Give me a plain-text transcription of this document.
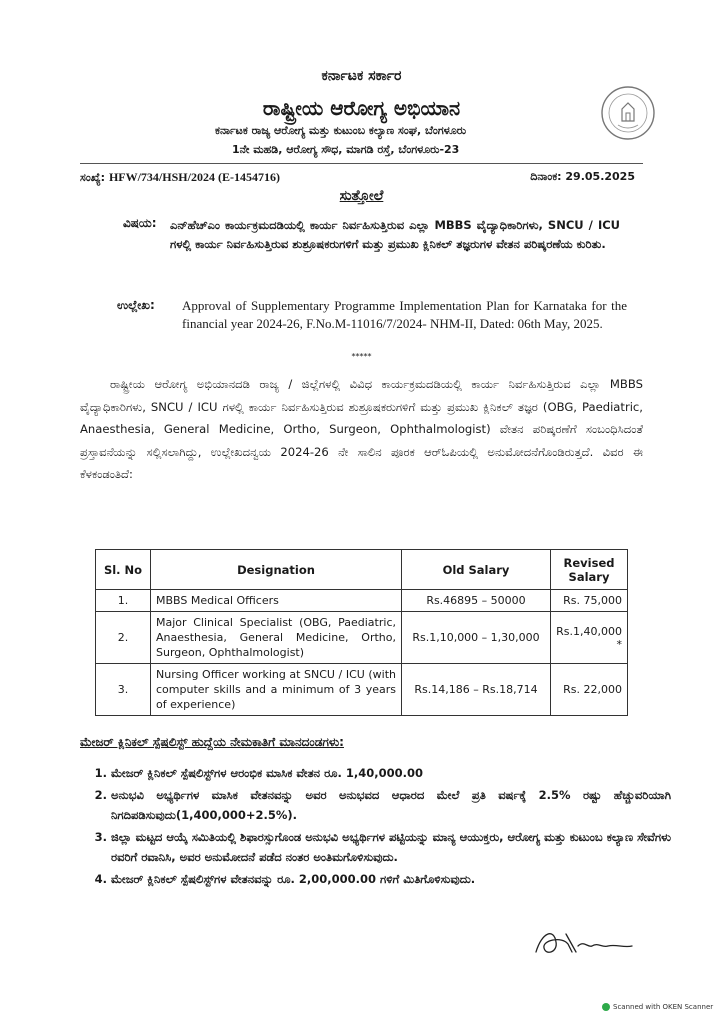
ಕರ್ನಾಟಕ ಸರ್ಕಾರ
ರಾಷ್ಟ್ರೀಯ ಆರೋಗ್ಯ ಅಭಿಯಾನ
ಕರ್ನಾಟಕ ರಾಜ್ಯ ಆರೋಗ್ಯ ಮತ್ತು ಕುಟುಂಬ ಕಲ್ಯಾಣ ಸಂಘ, ಬೆಂಗಳೂರು
1ನೇ ಮಹಡಿ, ಆರೋಗ್ಯ ಸೌಧ, ಮಾಗಡಿ ರಸ್ತೆ, ಬೆಂಗಳೂರು-23
ಸಂಖ್ಯೆ: HFW/734/HSH/2024 (E-1454716)	ದಿನಾಂಕ: 29.05.2025
ಸುತ್ತೋಲೆ
ವಿಷಯ: ಎನ್‌ಹೆಚ್‌ಎಂ ಕಾರ್ಯಕ್ರಮದಡಿಯಲ್ಲಿ ಕಾರ್ಯ ನಿರ್ವಹಿಸುತ್ತಿರುವ ಎಲ್ಲಾ MBBS ವೈದ್ಯಾಧಿಕಾರಿಗಳು, SNCU / ICU ಗಳಲ್ಲಿ ಕಾರ್ಯ ನಿರ್ವಹಿಸುತ್ತಿರುವ ಶುಶ್ರೂಷಕರುಗಳಿಗೆ ಮತ್ತು ಪ್ರಮುಖ ಕ್ಲಿನಿಕಲ್ ತಜ್ಞರುಗಳ ವೇತನ ಪರಿಷ್ಕರಣೆಯ ಕುರಿತು.
ಉಲ್ಲೇಖ: Approval of Supplementary Programme Implementation Plan for Karnataka for the financial year 2024-26, F.No.M-11016/7/2024- NHM-II, Dated: 06th May, 2025.
*****
ರಾಷ್ಟ್ರೀಯ ಆರೋಗ್ಯ ಅಭಿಯಾನದಡಿ ರಾಜ್ಯ / ಜಿಲ್ಲೆಗಳಲ್ಲಿ ವಿವಿಧ ಕಾರ್ಯಕ್ರಮದಡಿಯಲ್ಲಿ ಕಾರ್ಯ ನಿರ್ವಹಿಸುತ್ತಿರುವ ಎಲ್ಲಾ MBBS ವೈದ್ಯಾಧಿಕಾರಿಗಳು, SNCU / ICU ಗಳಲ್ಲಿ ಕಾರ್ಯ ನಿರ್ವಹಿಸುತ್ತಿರುವ ಶುಶ್ರೂಷಕರುಗಳಿಗೆ ಮತ್ತು ಪ್ರಮುಖ ಕ್ಲಿನಿಕಲ್ ತಜ್ಞರ (OBG, Paediatric, Anaesthesia, General Medicine, Ortho, Surgeon, Ophthalmologist) ವೇತನ ಪರಿಷ್ಕರಣೆಗೆ ಸಂಬಂಧಿಸಿದಂತೆ ಪ್ರಸ್ತಾವನೆಯನ್ನು ಸಲ್ಲಿಸಲಾಗಿದ್ದು, ಉಲ್ಲೇಖದನ್ವಯ 2024-26 ನೇ ಸಾಲಿನ ಪೂರಕ ಆರ್‌ಓಪಿಯಲ್ಲಿ ಅನುಮೋದನೆಗೊಂಡಿರುತ್ತದೆ. ವಿವರ ಈ ಕೆಳಕಂಡಂತಿದೆ:
Sl. No	Designation	Old Salary	Revised Salary
1.	MBBS Medical Officers	Rs.46895 – 50000	Rs. 75,000
2.	Major Clinical Specialist (OBG, Paediatric, Anaesthesia, General Medicine, Ortho, Surgeon, Ophthalmologist)	Rs.1,10,000 – 1,30,000	Rs.1,40,000 *
3.	Nursing Officer working at SNCU / ICU (with computer skills and a minimum of 3 years of experience)	Rs.14,186 – Rs.18,714	Rs. 22,000
ಮೇಜರ್ ಕ್ಲಿನಿಕಲ್ ಸ್ಪೆಷಲಿಸ್ಟ್ ಹುದ್ದೆಯ ನೇಮಕಾತಿಗೆ ಮಾನದಂಡಗಳು:
1. ಮೇಜರ್ ಕ್ಲಿನಿಕಲ್ ಸ್ಪೆಷಲಿಸ್ಟ್‌ಗಳ ಆರಂಭಿಕ ಮಾಸಿಕ ವೇತನ ರೂ. 1,40,000.00
2. ಅನುಭವಿ ಅಭ್ಯರ್ಥಿಗಳ ಮಾಸಿಕ ವೇತನವನ್ನು ಅವರ ಅನುಭವದ ಆಧಾರದ ಮೇಲೆ ಪ್ರತಿ ವರ್ಷಕ್ಕೆ 2.5% ರಷ್ಟು ಹೆಚ್ಚುವರಿಯಾಗಿ ನಿಗದಿಪಡಿಸುವುದು(1,400,000+2.5%).
3. ಜಿಲ್ಲಾ ಮಟ್ಟದ ಆಯ್ಕೆ ಸಮಿತಿಯಲ್ಲಿ ಶಿಫಾರಸ್ಸುಗೊಂಡ ಅನುಭವಿ ಅಭ್ಯರ್ಥಿಗಳ ಪಟ್ಟಿಯನ್ನು ಮಾನ್ಯ ಆಯುಕ್ತರು, ಆರೋಗ್ಯ ಮತ್ತು ಕುಟುಂಬ ಕಲ್ಯಾಣ ಸೇವೆಗಳು ರವರಿಗೆ ರವಾನಿಸಿ, ಅವರ ಅನುಮೋದನೆ ಪಡೆದ ನಂತರ ಅಂತಿಮಗೊಳಿಸುವುದು.
4. ಮೇಜರ್ ಕ್ಲಿನಿಕಲ್ ಸ್ಪೆಷಲಿಸ್ಟ್‌ಗಳ ವೇತನವನ್ನು ರೂ. 2,00,000.00 ಗಳಿಗೆ ಮಿತಿಗೊಳಿಸುವುದು.
Scanned with OKEN Scanner
